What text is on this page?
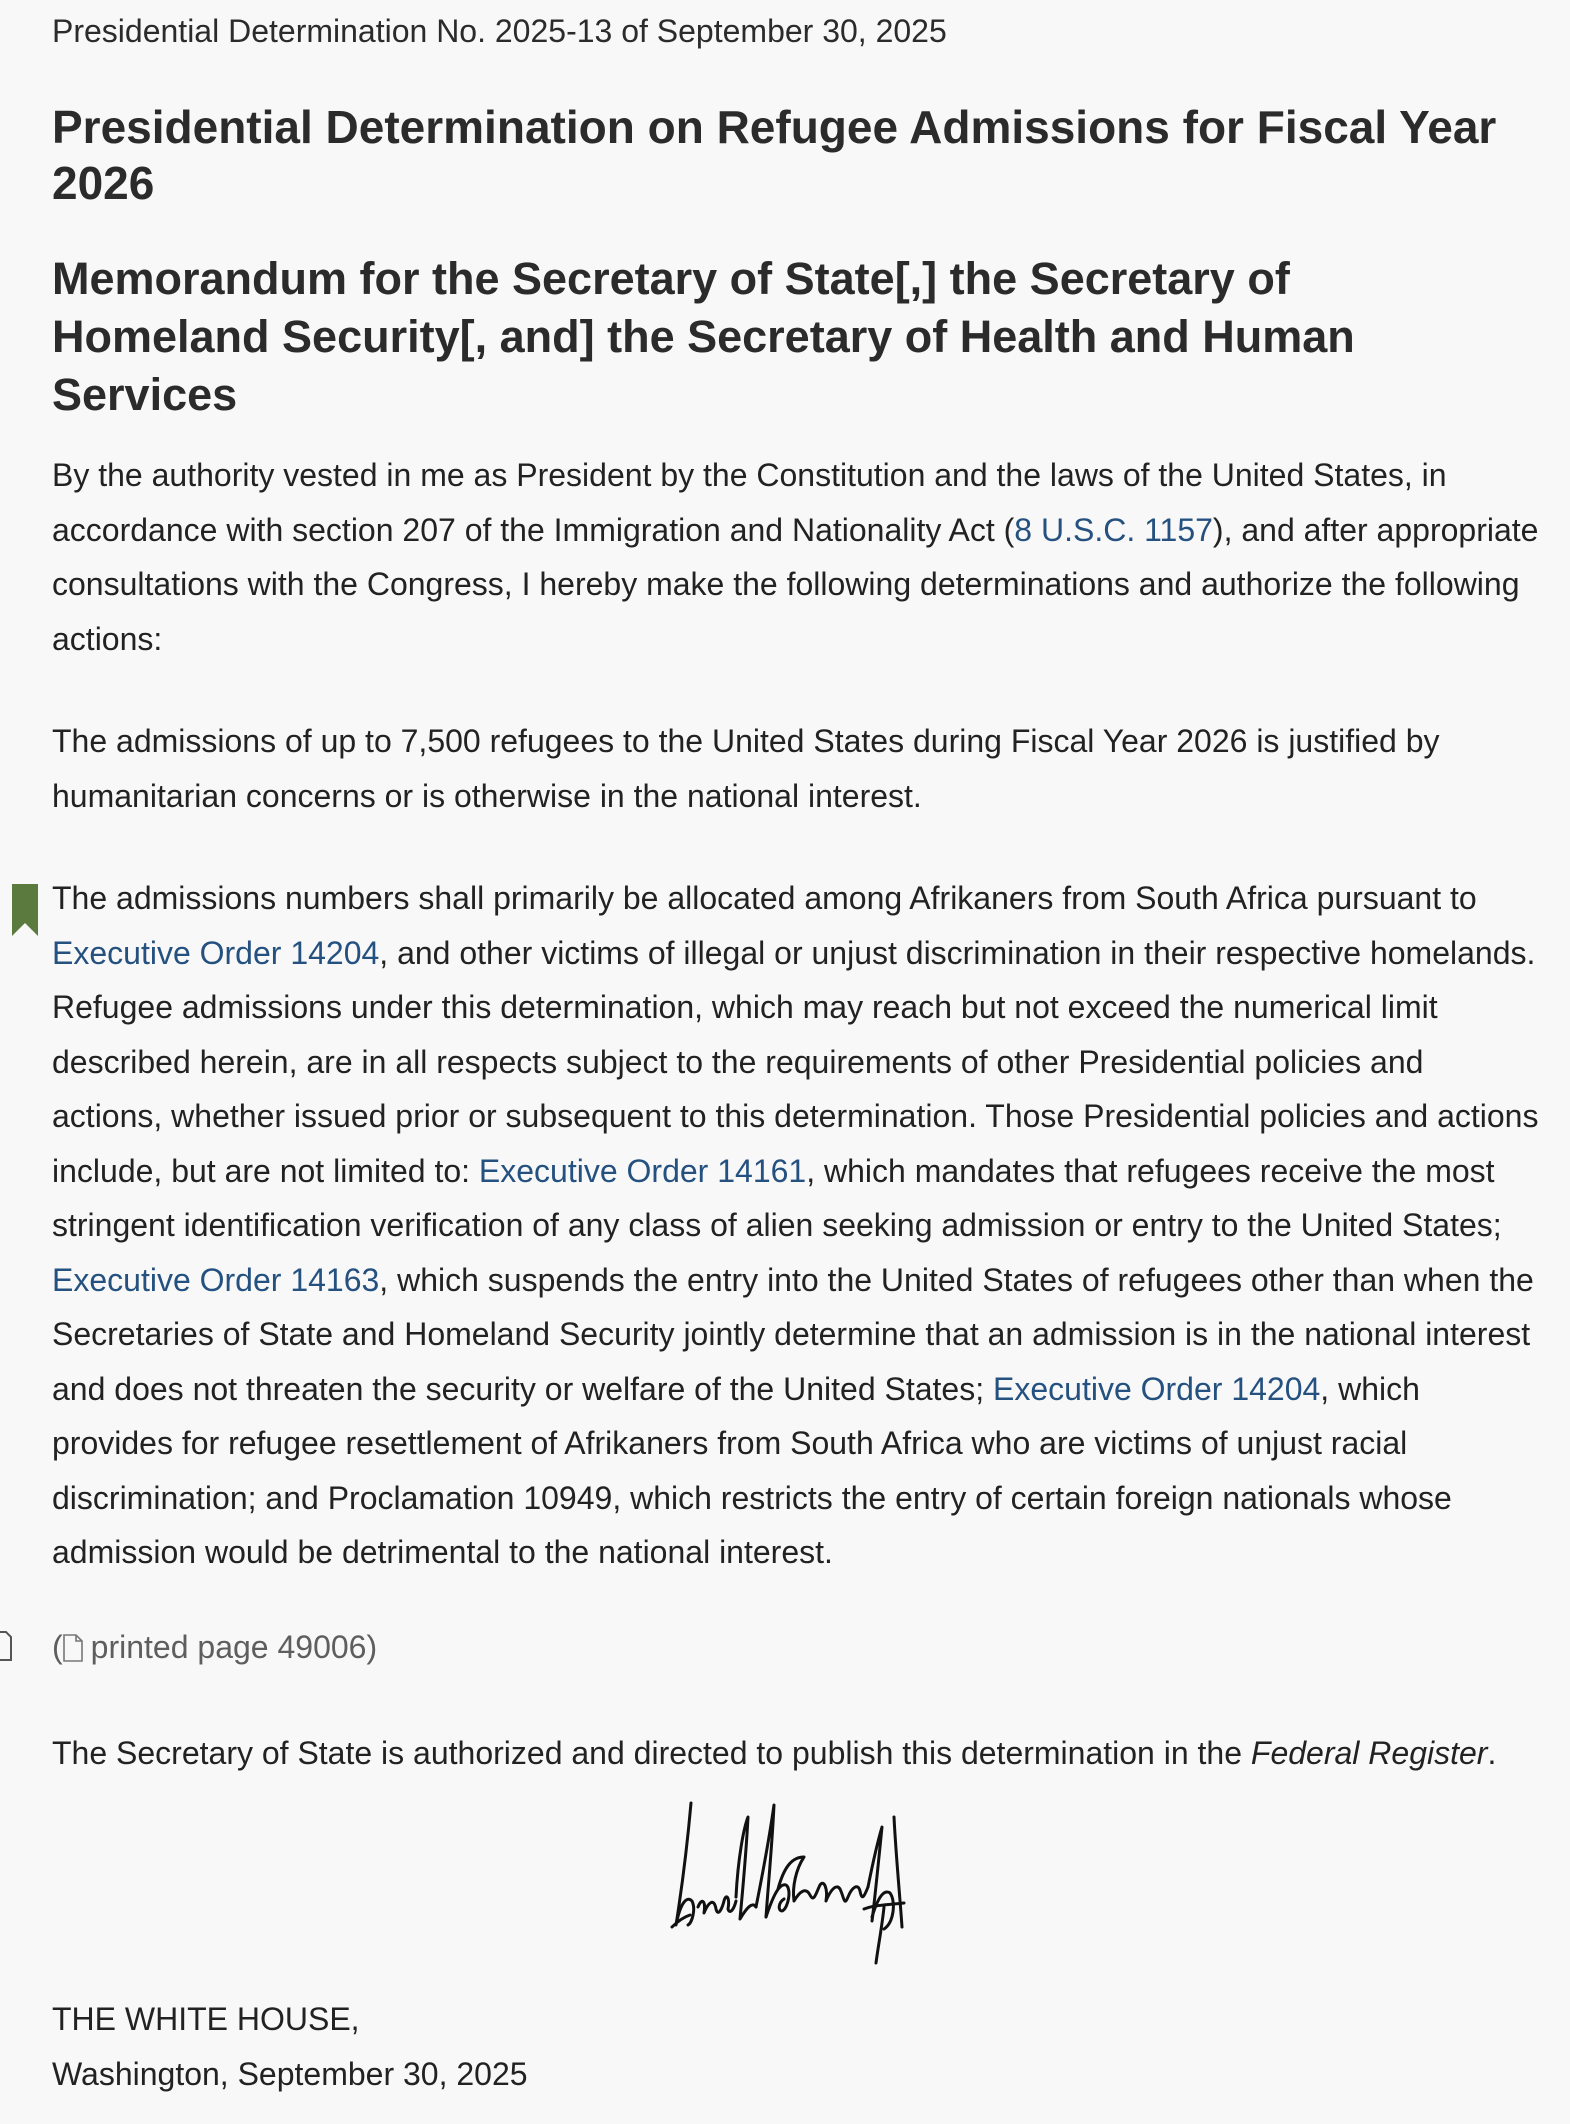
Presidential Determination No. 2025-13 of September 30, 2025

Presidential Determination on Refugee Admissions for Fiscal Year 2026
Memorandum for the Secretary of State[,] the Secretary of Homeland Security[, and] the Secretary of Health and Human Services

By the authority vested in me as President by the Constitution and the laws of the United States, in accordance with section 207 of the Immigration and Nationality Act (8 U.S.C. 1157), and after appropriate consultations with the Congress, I hereby make the following determinations and authorize the following actions:

The admissions of up to 7,500 refugees to the United States during Fiscal Year 2026 is justified by humanitarian concerns or is otherwise in the national interest.

The admissions numbers shall primarily be allocated among Afrikaners from South Africa pursuant to Executive Order 14204, and other victims of illegal or unjust discrimination in their respective homelands. Refugee admissions under this determination, which may reach but not exceed the numerical limit described herein, are in all respects subject to the requirements of other Presidential policies and actions, whether issued prior or subsequent to this determination. Those Presidential policies and actions include, but are not limited to: Executive Order 14161, which mandates that refugees receive the most stringent identification verification of any class of alien seeking admission or entry to the United States; Executive Order 14163, which suspends the entry into the United States of refugees other than when the Secretaries of State and Homeland Security jointly determine that an admission is in the national interest and does not threaten the security or welfare of the United States; Executive Order 14204, which provides for refugee resettlement of Afrikaners from South Africa who are victims of unjust racial discrimination; and Proclamation 10949, which restricts the entry of certain foreign nationals whose admission would be detrimental to the national interest.

( printed page 49006)

The Secretary of State is authorized and directed to publish this determination in the Federal Register.

THE WHITE HOUSE,

Washington, September 30, 2025
